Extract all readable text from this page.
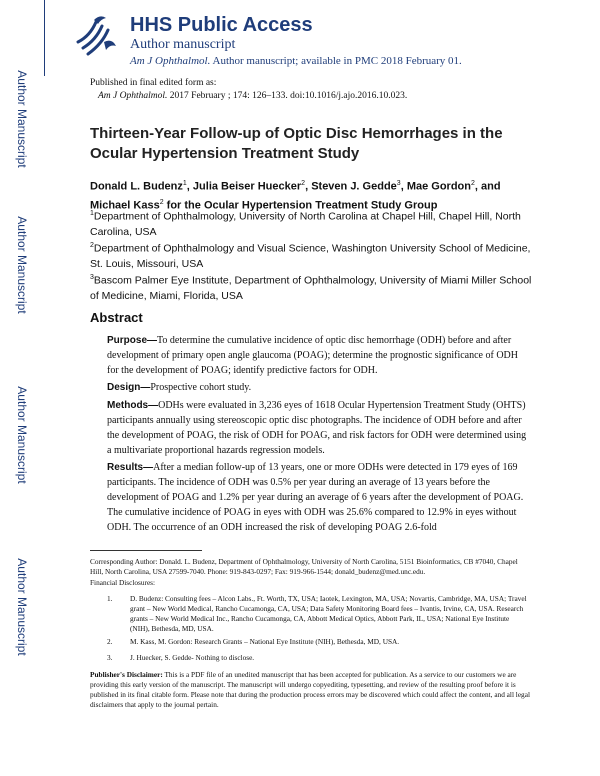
Author Manuscript
Author Manuscript
Author Manuscript
Author Manuscript
HHS Public Access
Author manuscript
Am J Ophthalmol. Author manuscript; available in PMC 2018 February 01.
Published in final edited form as:
Am J Ophthalmol. 2017 February ; 174: 126–133. doi:10.1016/j.ajo.2016.10.023.
Thirteen-Year Follow-up of Optic Disc Hemorrhages in the Ocular Hypertension Treatment Study
Donald L. Budenz$^1$, Julia Beiser Huecker$^2$, Steven J. Gedde$^3$, Mae Gordon$^2$, and Michael Kass$^2$ for the Ocular Hypertension Treatment Study Group
$^1$Department of Ophthalmology, University of North Carolina at Chapel Hill, Chapel Hill, North Carolina, USA
$^2$Department of Ophthalmology and Visual Science, Washington University School of Medicine, St. Louis, Missouri, USA
$^3$Bascom Palmer Eye Institute, Department of Ophthalmology, University of Miami Miller School of Medicine, Miami, Florida, USA
Abstract
Purpose—To determine the cumulative incidence of optic disc hemorrhage (ODH) before and after development of primary open angle glaucoma (POAG); determine the prognostic significance of ODH for the development of POAG; identify predictive factors for ODH.
Design—Prospective cohort study.
Methods—ODHs were evaluated in 3,236 eyes of 1618 Ocular Hypertension Treatment Study (OHTS) participants annually using stereoscopic optic disc photographs. The incidence of ODH before and after the development of POAG, the risk of ODH for POAG, and risk factors for ODH were determined using a multivariate proportional hazards regression models.
Results—After a median follow-up of 13 years, one or more ODHs were detected in 179 eyes of 169 participants. The incidence of ODH was 0.5% per year during an average of 13 years before the development of POAG and 1.2% per year during an average of 6 years after the development of POAG. The cumulative incidence of POAG in eyes with ODH was 25.6% compared to 12.9% in eyes without ODH. The occurrence of an ODH increased the risk of developing POAG 2.6-fold
Corresponding Author: Donald. L. Budenz, Department of Ophthalmology, University of North Carolina, 5151 Bioinformatics, CB #7040, Chapel Hill, North Carolina, USA 27599-7040. Phone: 919-843-0297; Fax: 919-966-1544; donald_budenz@med.unc.edu.
Financial Disclosures:
1. D. Budenz: Consulting fees – Alcon Labs., Ft. Worth, TX, USA; Iaotek, Lexington, MA, USA; Novartis, Cambridge, MA, USA; Travel grant – New World Medical, Rancho Cucamonga, CA, USA; Data Safety Monitoring Board fees – Ivantis, Irvine, CA, USA. Research grants – New World Medical Inc., Rancho Cucamonga, CA, Abbott Medical Optics, Abbott Park, IL, USA; National Eye Institute (NIH), Bethesda, MD, USA.
2. M. Kass, M. Gordon: Research Grants – National Eye Institute (NIH), Bethesda, MD, USA.
3. J. Huecker, S. Gedde- Nothing to disclose.
Publisher's Disclaimer: This is a PDF file of an unedited manuscript that has been accepted for publication. As a service to our customers we are providing this early version of the manuscript. The manuscript will undergo copyediting, typesetting, and review of the resulting proof before it is published in its final citable form. Please note that during the production process errors may be discovered which could affect the content, and all legal disclaimers that apply to the journal pertain.
